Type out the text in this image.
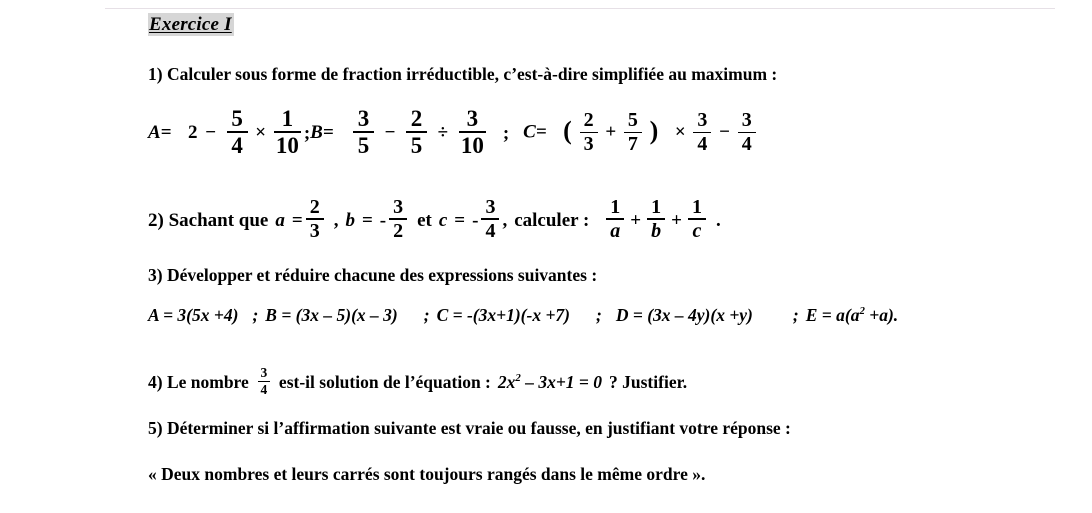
Exercice I
1) Calculer sous forme de fraction irréductible, c’est-à-dire simplifiée au maximum :
$A= 2 - \frac{5}{4} \times \frac{1}{10}$ ; $B= \frac{3}{5} - \frac{2}{5} \div \frac{3}{10}$ ; C= ( $\frac{2}{3} + \frac{5}{7}$ ) × $\frac{3}{4} - \frac{3}{4}$
2) Sachant que $a = \frac{2}{3}$ , b = - $\frac{3}{2}$ et c = - $\frac{3}{4}$ , calculer : $\frac{1}{a} + \frac{1}{b} + \frac{1}{c}$ .
3) Développer et réduire chacune des expressions suivantes :
A = 3(5x +4) ; B = (3x – 5)(x – 3) ; C = -(3x+1)(-x +7) ; D = (3x – 4y)(x +y) ; $E = a(a^2 +a)$.
4) Le nombre $\frac{3}{4} est-il$ solution de l’équation : $2x^2 - 3x+1 = 0$ ? Justifier.
5) Déterminer si l’affirmation suivante est vraie ou fausse, en justifiant votre réponse :
« Deux nombres et leurs carrés sont toujours rangés dans le même ordre ».
